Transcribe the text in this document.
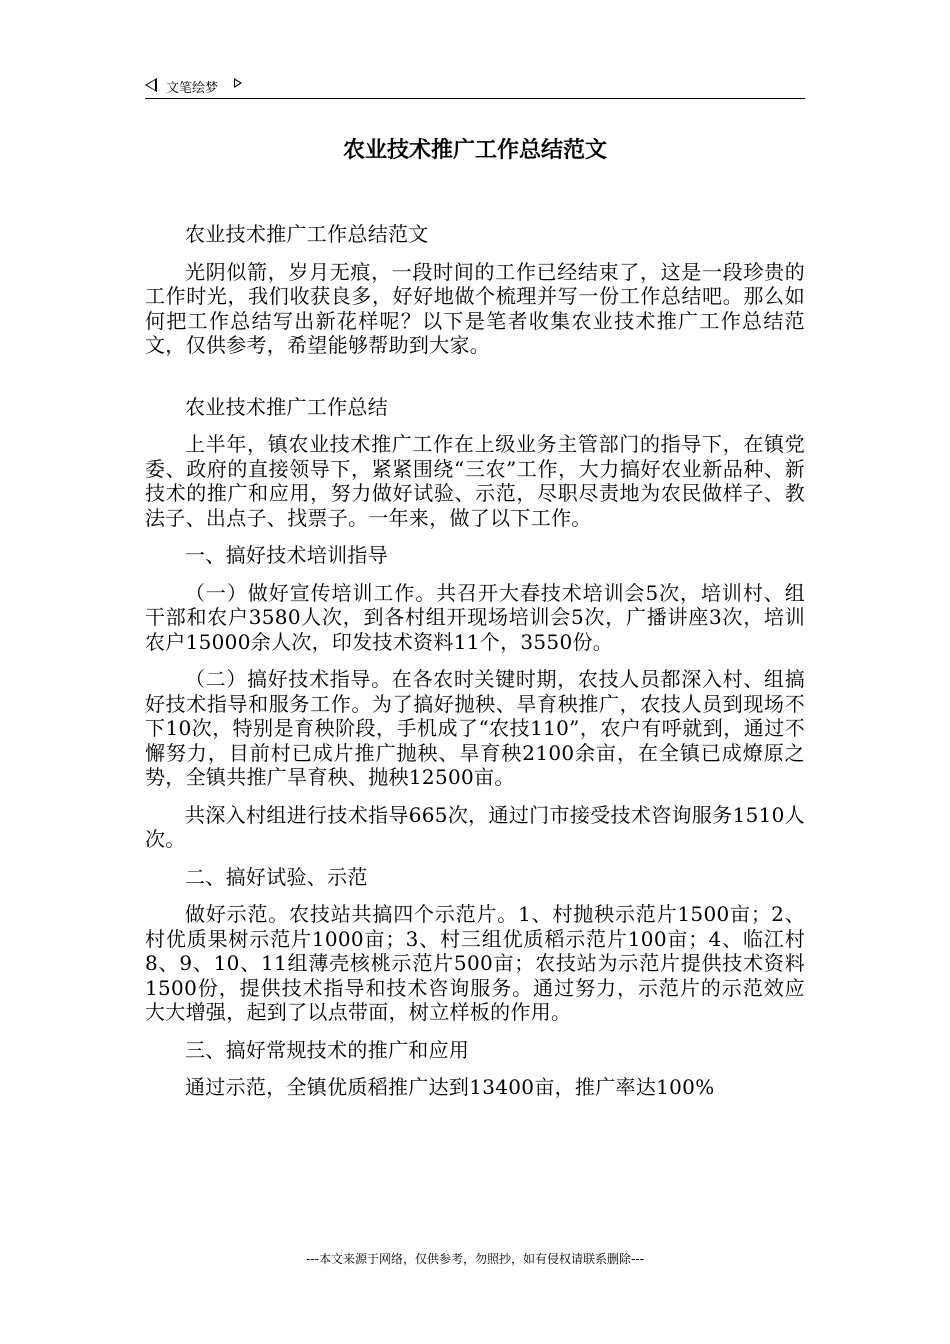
文笔绘梦
农业技术推广工作总结范文

农业技术推广工作总结范文

光阴似箭，岁月无痕，一段时间的工作已经结束了，这是一段珍贵的工作时光，我们收获良多，好好地做个梳理并写一份工作总结吧。那么如何把工作总结写出新花样呢？以下是笔者收集农业技术推广工作总结范文，仅供参考，希望能够帮助到大家。

农业技术推广工作总结

上半年，镇农业技术推广工作在上级业务主管部门的指导下，在镇党委、政府的直接领导下，紧紧围绕“三农”工作，大力搞好农业新品种、新技术的推广和应用，努力做好试验、示范，尽职尽责地为农民做样子、教法子、出点子、找票子。一年来，做了以下工作。

一、搞好技术培训指导

（一）做好宣传培训工作。共召开大春技术培训会5次，培训村、组干部和农户3580人次，到各村组开现场培训会5次，广播讲座3次，培训农户15000余人次，印发技术资料11个，3550份。

（二）搞好技术指导。在各农时关键时期，农技人员都深入村、组搞好技术指导和服务工作。为了搞好抛秧、旱育秧推广，农技人员到现场不下10次，特别是育秧阶段，手机成了“农技110”，农户有呼就到，通过不懈努力，目前村已成片推广抛秧、旱育秧2100余亩，在全镇已成燎原之势，全镇共推广旱育秧、抛秧12500亩。

共深入村组进行技术指导665次，通过门市接受技术咨询服务1510人次。

二、搞好试验、示范

做好示范。农技站共搞四个示范片。1、村抛秧示范片1500亩；2、村优质果树示范片1000亩；3、村三组优质稻示范片100亩；4、临江村8、9、10、11组薄壳核桃示范片500亩；农技站为示范片提供技术资料1500份，提供技术指导和技术咨询服务。通过努力，示范片的示范效应大大增强，起到了以点带面，树立样板的作用。

三、搞好常规技术的推广和应用

通过示范，全镇优质稻推广达到13400亩，推广率达100%

---本文来源于网络，仅供参考，勿照抄，如有侵权请联系删除---
